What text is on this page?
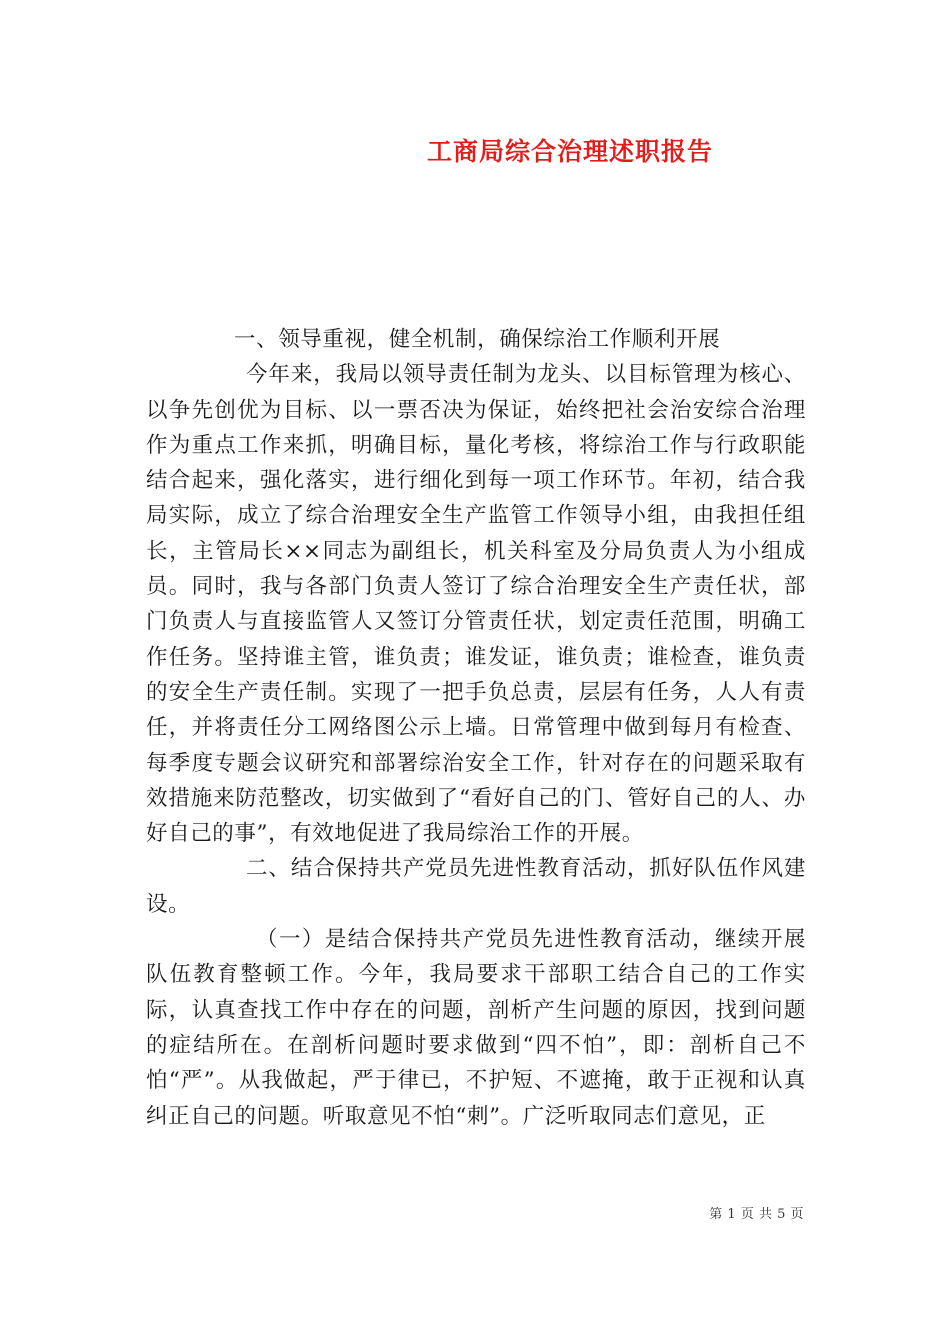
工商局综合治理述职报告

一、领导重视，健全机制，确保综治工作顺利开展

今年来，我局以领导责任制为龙头、以目标管理为核心、以争先创优为目标、以一票否决为保证，始终把社会治安综合治理作为重点工作来抓，明确目标，量化考核，将综治工作与行政职能结合起来，强化落实，进行细化到每一项工作环节。年初，结合我局实际，成立了综合治理安全生产监管工作领导小组，由我担任组长，主管局长××同志为副组长，机关科室及分局负责人为小组成员。同时，我与各部门负责人签订了综合治理安全生产责任状，部门负责人与直接监管人又签订分管责任状，划定责任范围，明确工作任务。坚持谁主管，谁负责；谁发证，谁负责；谁检查，谁负责的安全生产责任制。实现了一把手负总责，层层有任务，人人有责任，并将责任分工网络图公示上墙。日常管理中做到每月有检查、每季度专题会议研究和部署综治安全工作，针对存在的问题采取有效措施来防范整改，切实做到了“看好自己的门、管好自己的人、办好自己的事”，有效地促进了我局综治工作的开展。

二、结合保持共产党员先进性教育活动，抓好队伍作风建设。

（一）是结合保持共产党员先进性教育活动，继续开展队伍教育整顿工作。今年，我局要求干部职工结合自己的工作实际，认真查找工作中存在的问题，剖析产生问题的原因，找到问题的症结所在。在剖析问题时要求做到“四不怕”，即：剖析自己不怕“严”。从我做起，严于律已，不护短、不遮掩，敢于正视和认真纠正自己的问题。听取意见不怕“刺”。广泛听取同志们意见，正

第 1 页 共 5 页
